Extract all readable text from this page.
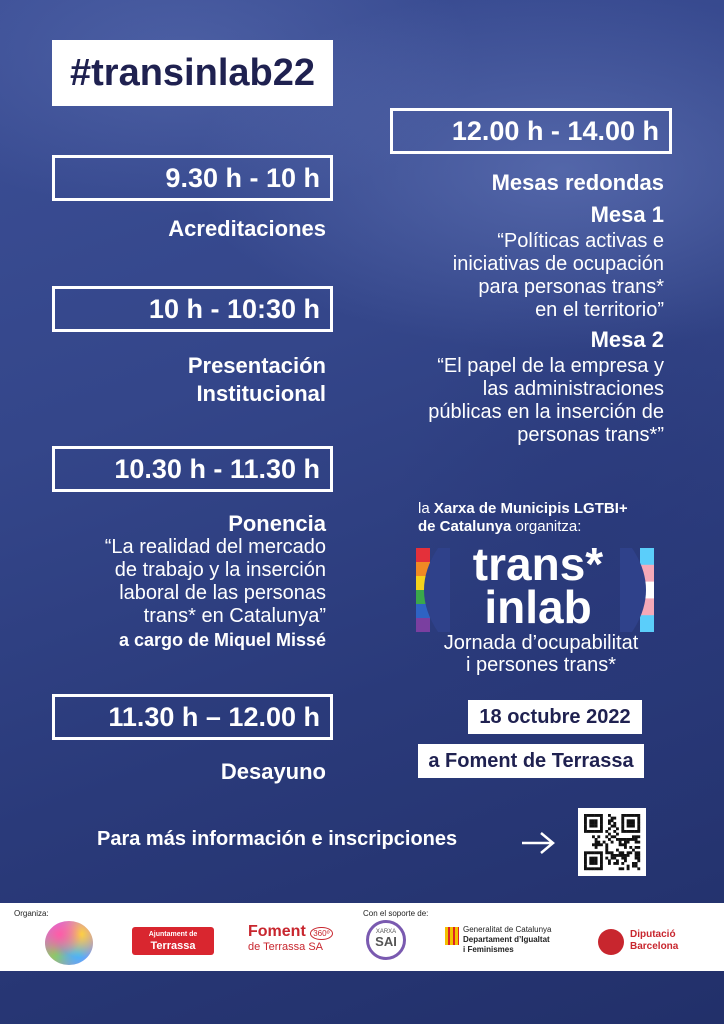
#transinlab22
9.30 h - 10 h
Acreditaciones
10 h - 10:30 h
Presentación
Institucional
10.30 h - 11.30 h
Ponencia
“La realidad del mercado
de trabajo y la inserción
laboral de las personas
trans* en Catalunya”
a cargo de Miquel Missé
11.30 h – 12.00 h
Desayuno
12.00 h - 14.00 h
Mesas redondas
Mesa 1
“Políticas activas e
iniciativas de ocupación
para personas trans*
en el territorio”
Mesa 2
“El papel de la empresa y
las administraciones
públicas en la inserción de
personas trans*”
la Xarxa de Municipis LGTBI+
de Catalunya organitza:
trans*
inlab
Jornada d’ocupabilitat
i persones trans*
18 octubre 2022
a Foment de Terrassa
Para más información e inscripciones
Organiza:	Con el soporte de:
Ajuntament de
Terrassa
Foment 360º
de Terrassa SA
XARXA
SAI
Generalitat de Catalunya
Departament d’Igualtat
i Feminismes
Diputació
Barcelona
